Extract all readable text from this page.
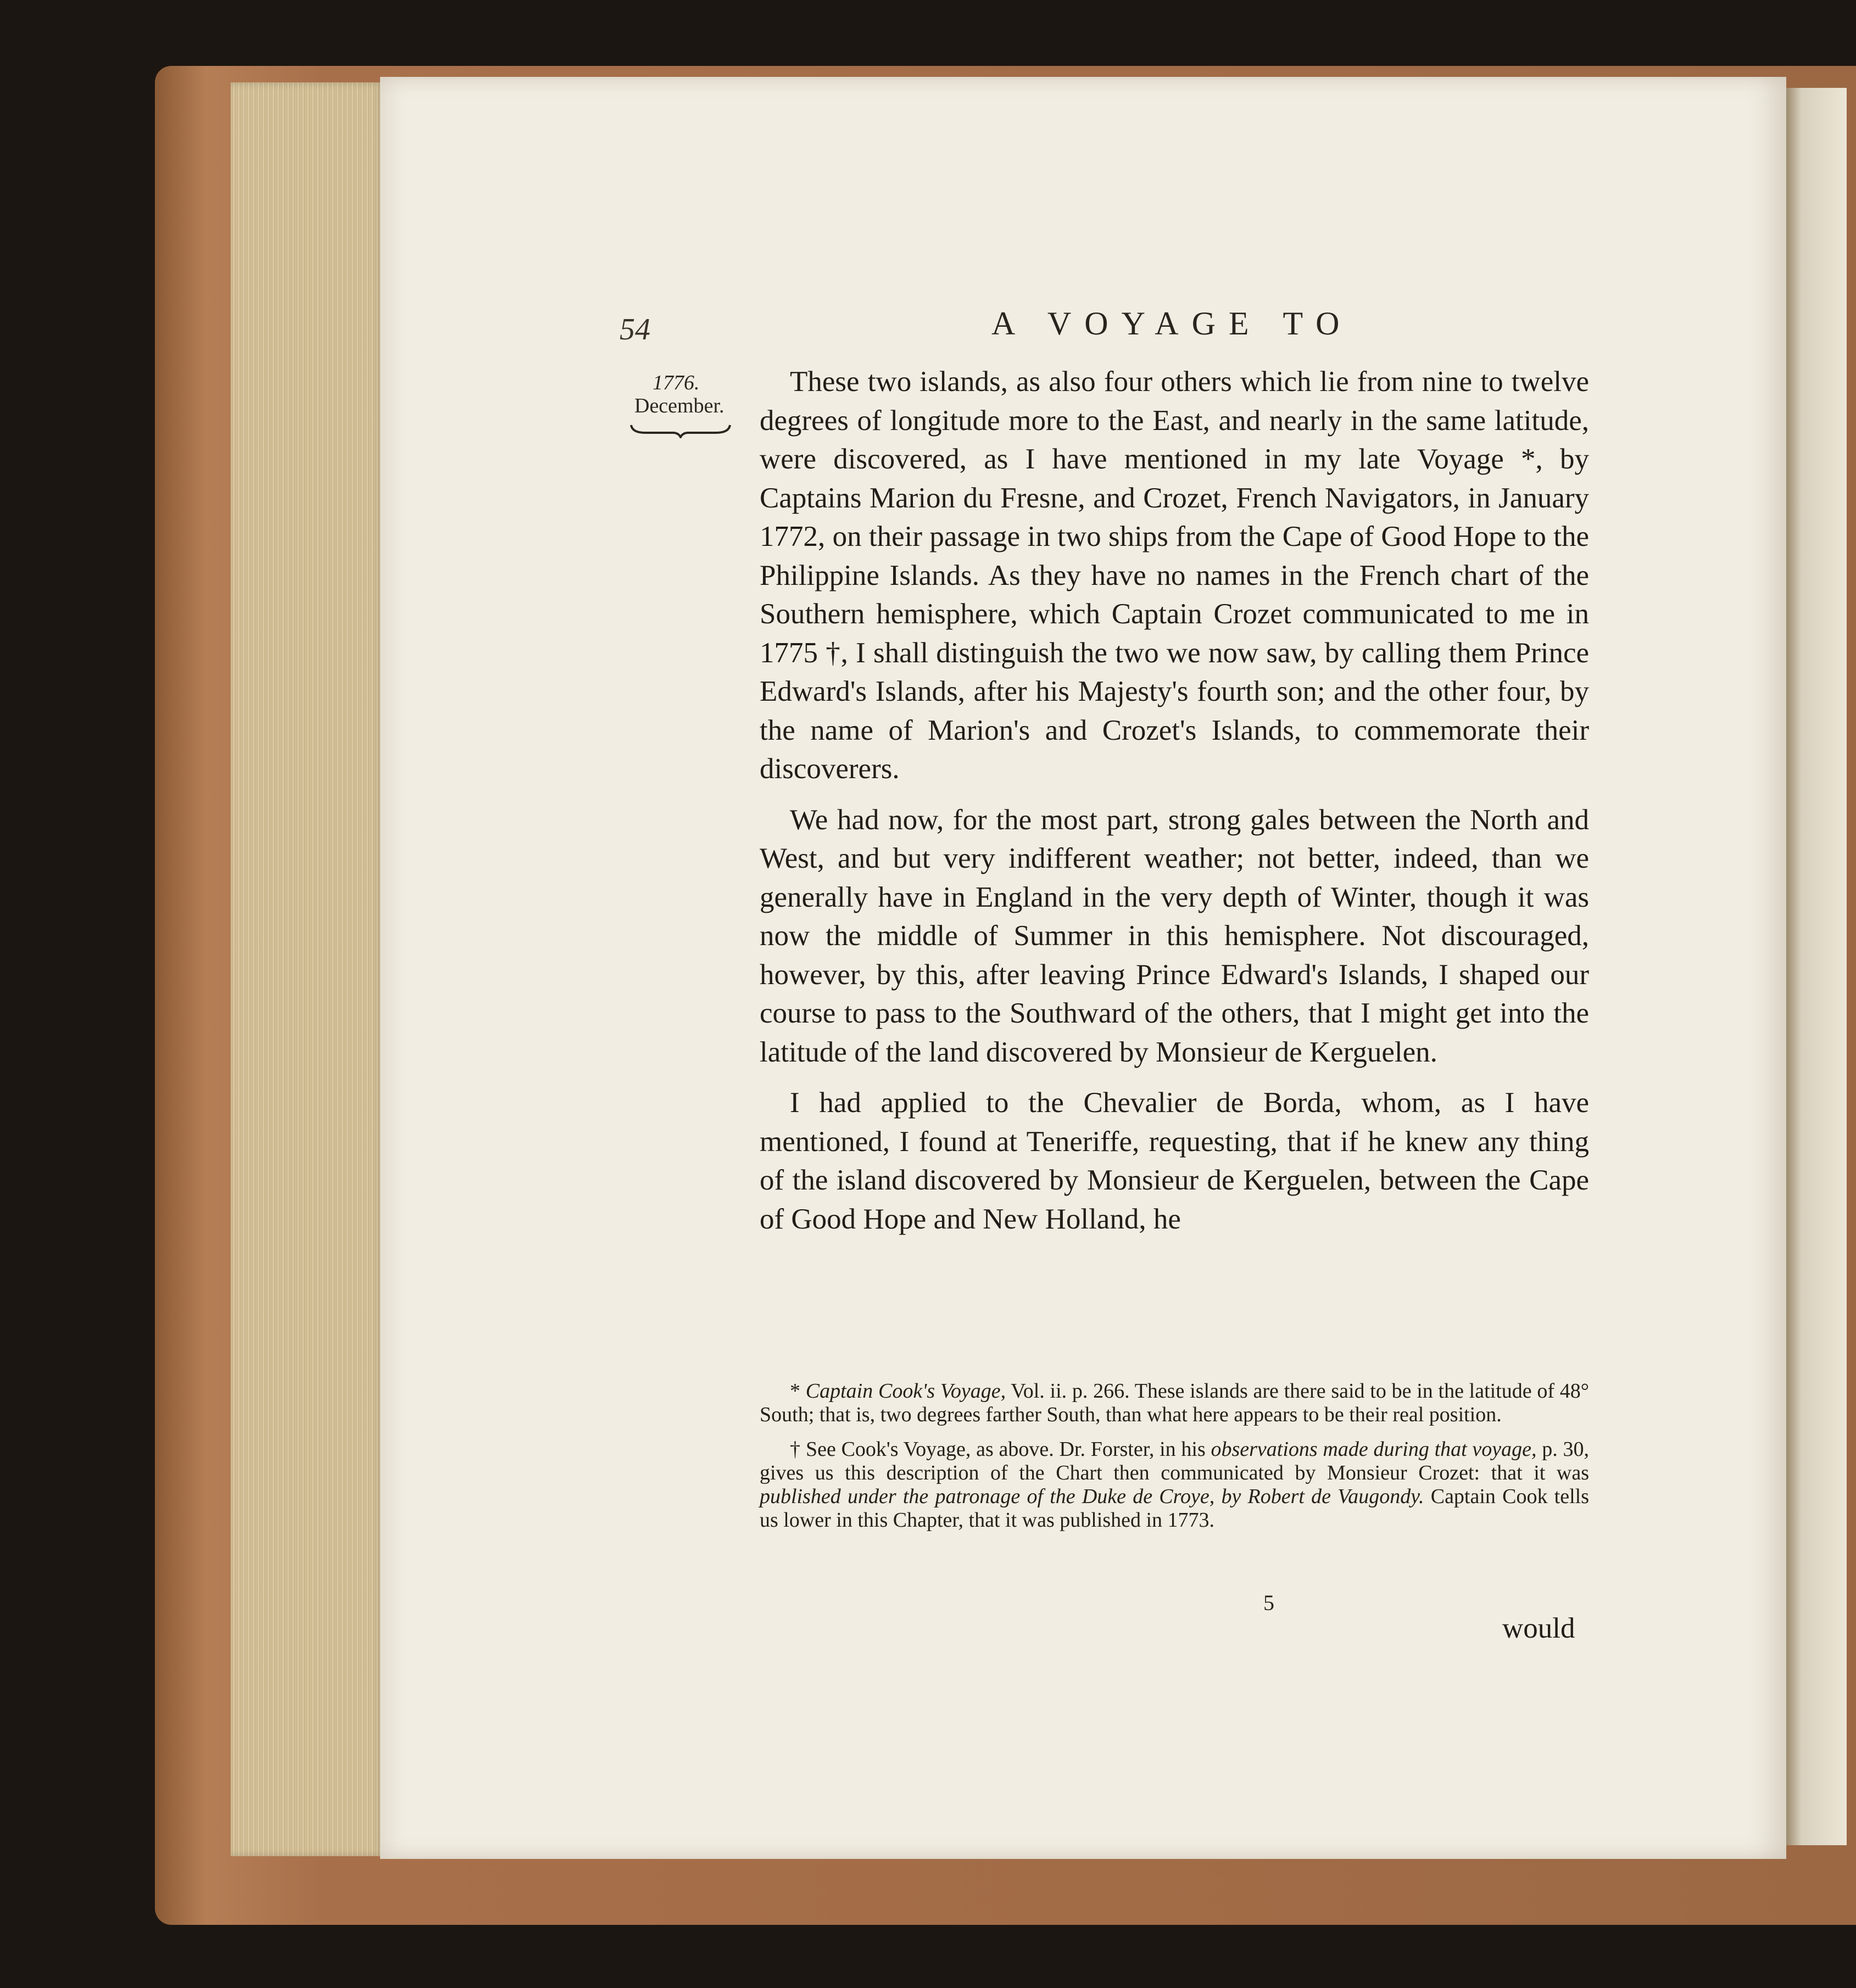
54	A VOYAGE TO

1776.

December.

These two islands, as also four others which lie from nine to twelve degrees of longitude more to the East, and nearly in the same latitude, were discovered, as I have mentioned in my late Voyage *, by Captains Marion du Fresne, and Crozet, French Navigators, in January 1772, on their passage in two ships from the Cape of Good Hope to the Philippine Islands. As they have no names in the French chart of the Southern hemisphere, which Captain Crozet communicated to me in 1775 †, I shall distinguish the two we now saw, by calling them Prince Edward's Islands, after his Majesty's fourth son; and the other four, by the name of Marion's and Crozet's Islands, to commemorate their discoverers.

We had now, for the most part, strong gales between the North and West, and but very indifferent weather; not better, indeed, than we generally have in England in the very depth of Winter, though it was now the middle of Summer in this hemisphere. Not discouraged, however, by this, after leaving Prince Edward's Islands, I shaped our course to pass to the Southward of the others, that I might get into the latitude of the land discovered by Monsieur de Kerguelen.

I had applied to the Chevalier de Borda, whom, as I have mentioned, I found at Teneriffe, requesting, that if he knew any thing of the island discovered by Monsieur de Kerguelen, between the Cape of Good Hope and New Holland, he

* Captain Cook's Voyage, Vol. ii. p. 266. These islands are there said to be in the latitude of 48° South; that is, two degrees farther South, than what here appears to be their real position.

† See Cook's Voyage, as above. Dr. Forster, in his observations made during that voyage, p. 30, gives us this description of the Chart then communicated by Monsieur Crozet: that it was published under the patronage of the Duke de Croye, by Robert de Vaugondy. Captain Cook tells us lower in this Chapter, that it was published in 1773.

5

would
